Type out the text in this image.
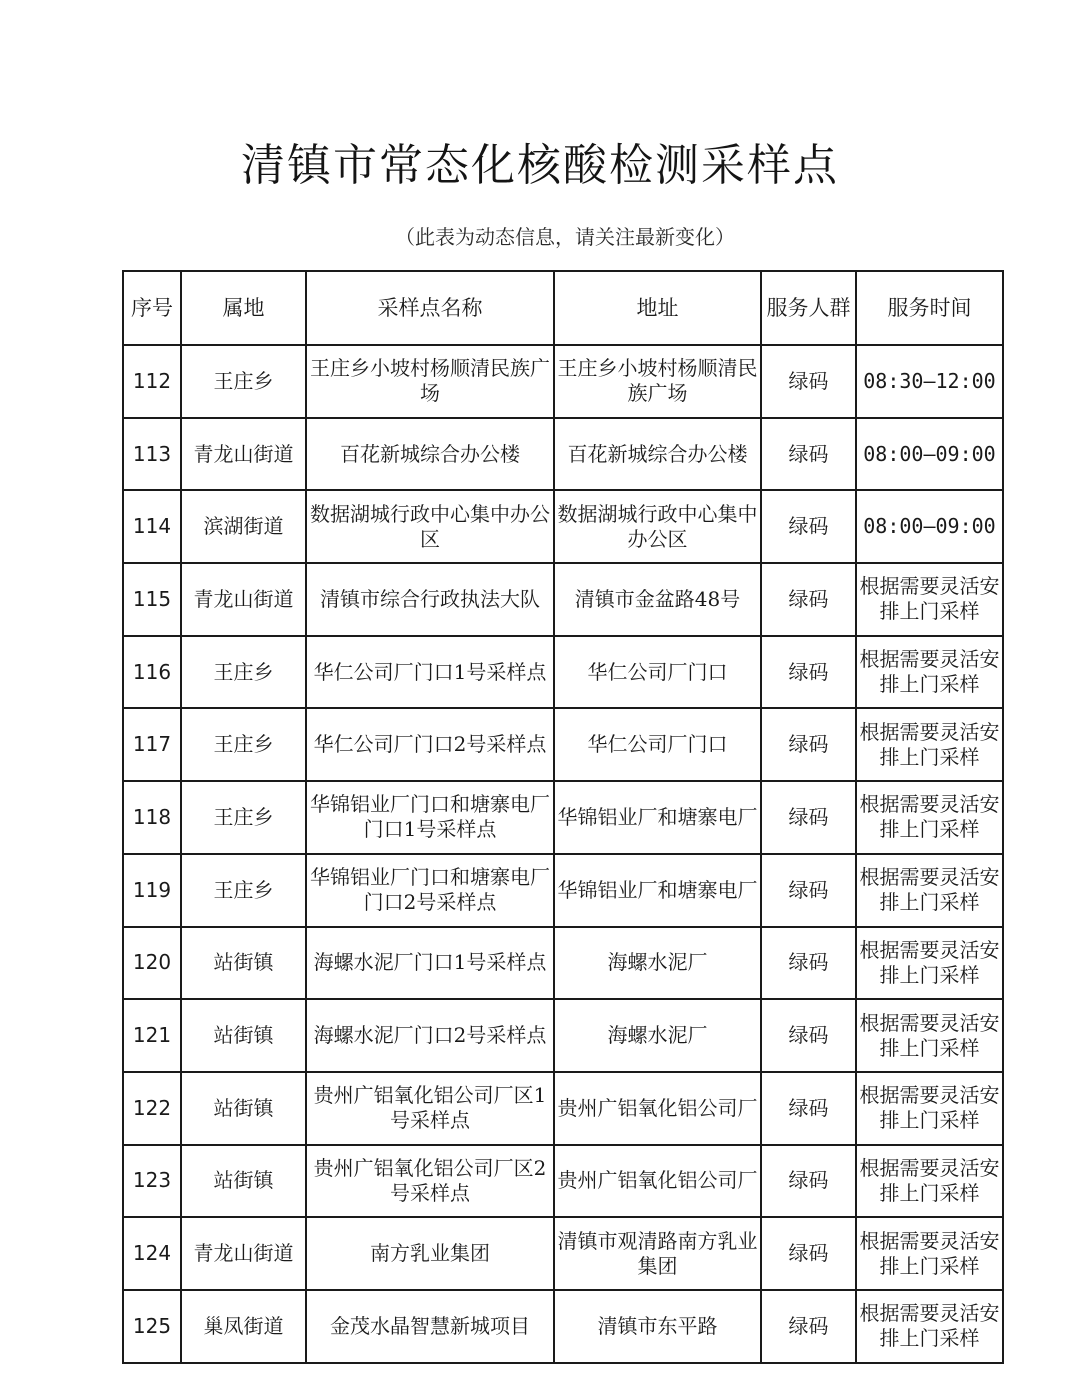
清镇市常态化核酸检测采样点
（此表为动态信息，请关注最新变化）
序号	属地	采样点名称	地址	服务人群	服务时间
112	王庄乡	王庄乡小坡村杨顺清民族广场	王庄乡小坡村杨顺清民族广场	绿码	08:30—12:00
113	青龙山街道	百花新城综合办公楼	百花新城综合办公楼	绿码	08:00—09:00
114	滨湖街道	数据湖城行政中心集中办公区	数据湖城行政中心集中办公区	绿码	08:00—09:00
115	青龙山街道	清镇市综合行政执法大队	清镇市金盆路48号	绿码	根据需要灵活安排上门采样
116	王庄乡	华仁公司厂门口1号采样点	华仁公司厂门口	绿码	根据需要灵活安排上门采样
117	王庄乡	华仁公司厂门口2号采样点	华仁公司厂门口	绿码	根据需要灵活安排上门采样
118	王庄乡	华锦铝业厂门口和塘寨电厂门口1号采样点	华锦铝业厂和塘寨电厂	绿码	根据需要灵活安排上门采样
119	王庄乡	华锦铝业厂门口和塘寨电厂门口2号采样点	华锦铝业厂和塘寨电厂	绿码	根据需要灵活安排上门采样
120	站街镇	海螺水泥厂门口1号采样点	海螺水泥厂	绿码	根据需要灵活安排上门采样
121	站街镇	海螺水泥厂门口2号采样点	海螺水泥厂	绿码	根据需要灵活安排上门采样
122	站街镇	贵州广铝氧化铝公司厂区1号采样点	贵州广铝氧化铝公司厂	绿码	根据需要灵活安排上门采样
123	站街镇	贵州广铝氧化铝公司厂区2号采样点	贵州广铝氧化铝公司厂	绿码	根据需要灵活安排上门采样
124	青龙山街道	南方乳业集团	清镇市观清路南方乳业集团	绿码	根据需要灵活安排上门采样
125	巢凤街道	金茂水晶智慧新城项目	清镇市东平路	绿码	根据需要灵活安排上门采样
